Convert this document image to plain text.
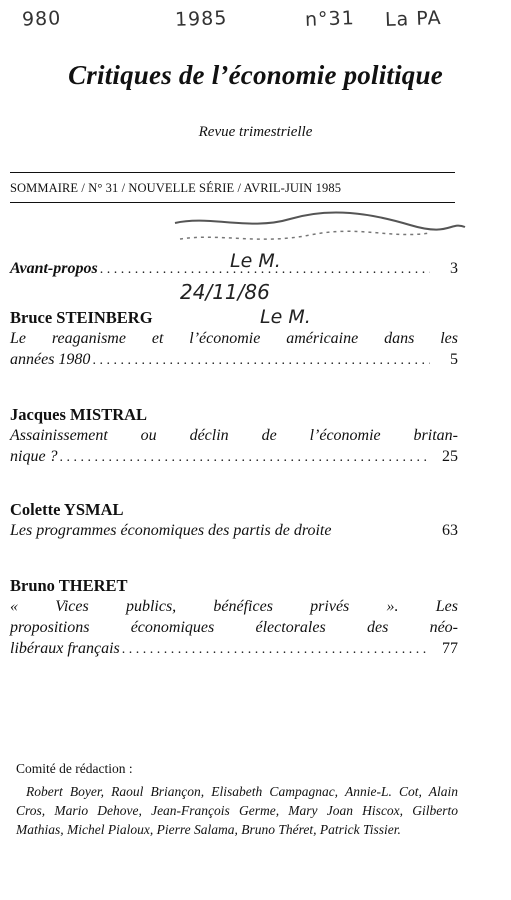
980	1985	n°31 La PA
Critiques de l’économie politique
Revue trimestrielle
SOMMAIRE / N° 31 / NOUVELLE SÉRIE / AVRIL-JUIN 1985
Avant-propos . . .	3
Le M.
24/11/86
Le M.
Bruce STEINBERG
Le reaganisme et l’économie américaine dans les
années 1980 . . .	5
Jacques MISTRAL
Assainissement ou déclin de l’économie britan-
nique ? . . .	25
Colette YSMAL
Les programmes économiques des partis de droite	63
Bruno THERET
« Vices publics, bénéfices privés ». Les
propositions économiques électorales des néo-
libéraux français . . .	77
Comité de rédaction :
Robert Boyer, Raoul Briançon, Elisabeth Campagnac, Annie-L. Cot, Alain Cros, Mario Dehove, Jean-François Germe, Mary Joan Hiscox, Gilberto Mathias, Michel Pialoux, Pierre Salama, Bruno Théret, Patrick Tissier.
